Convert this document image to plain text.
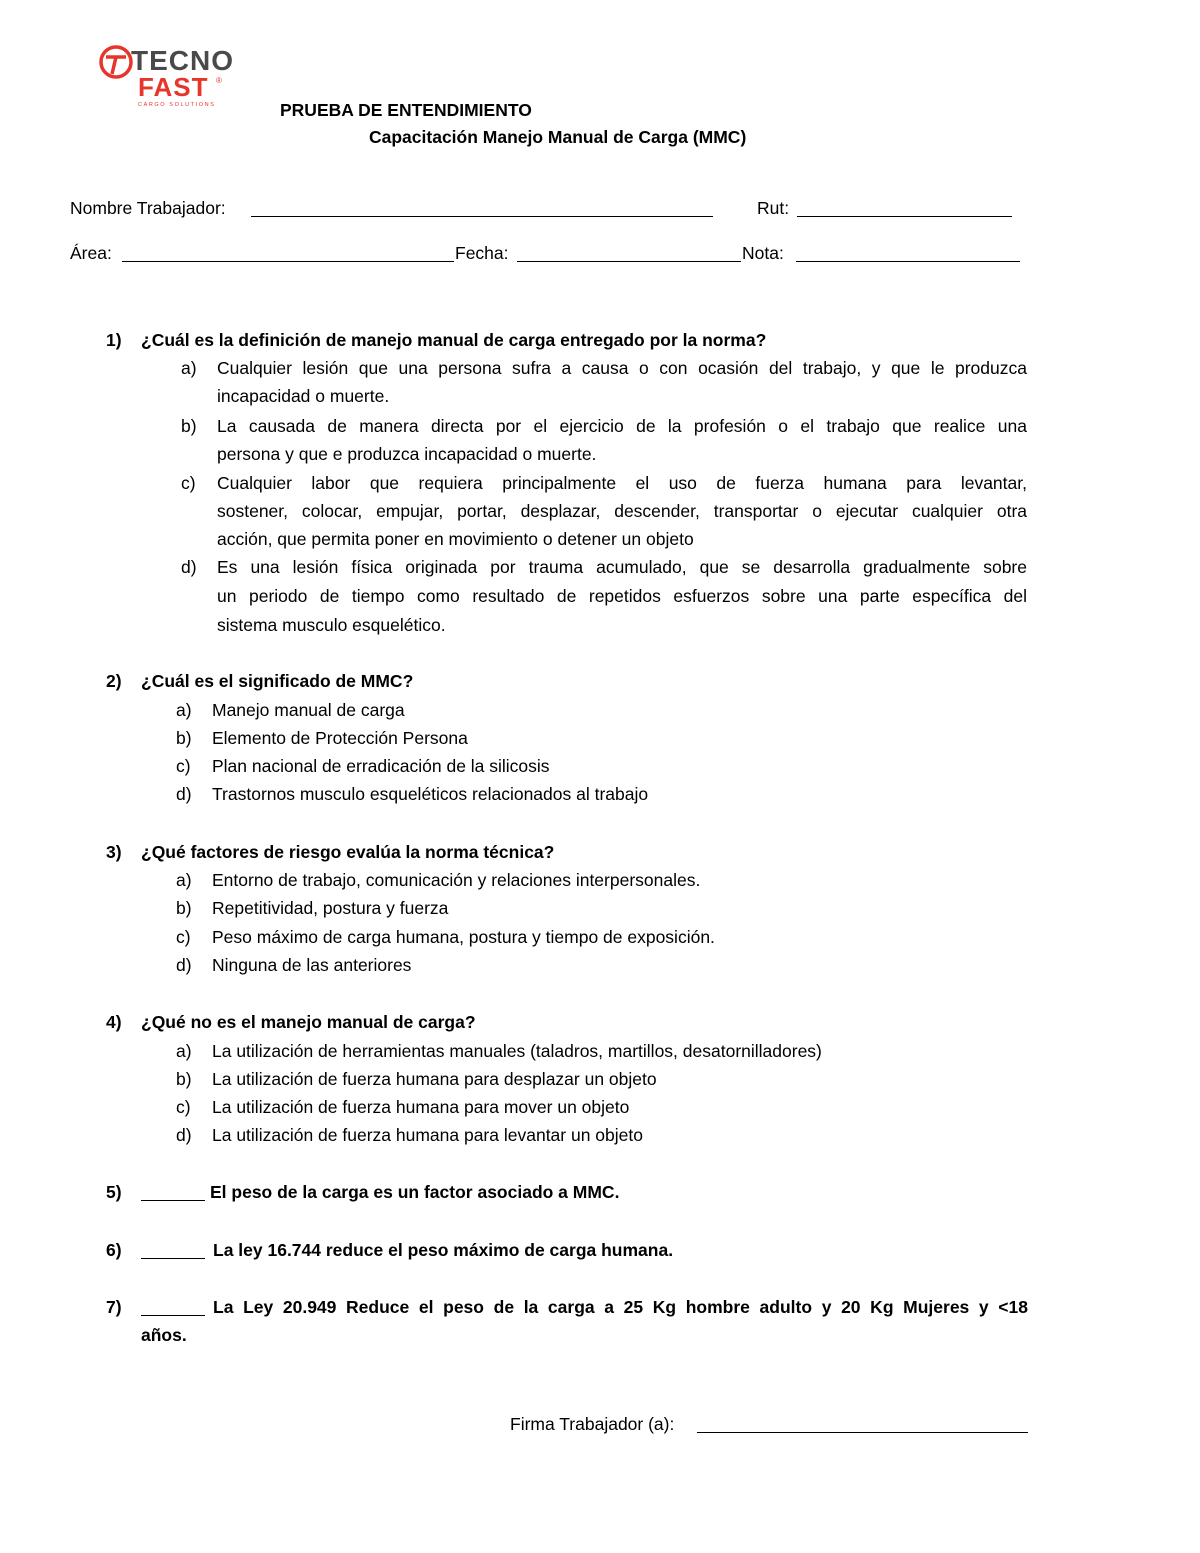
TECNO
FAST ®
CARGO SOLUTIONS	PRUEBA DE ENTENDIMIENTO
Capacitación Manejo Manual de Carga (MMC)
Nombre Trabajador:	Rut:
Área:	Fecha:	Nota:
1) ¿Cuál es la definición de manejo manual de carga entregado por la norma?
a) Cualquier lesión que una persona sufra a causa o con ocasión del trabajo, y que le produzca
incapacidad o muerte.
b) La causada de manera directa por el ejercicio de la profesión o el trabajo que realice una
persona y que e produzca incapacidad o muerte.
c) Cualquier labor que requiera principalmente el uso de fuerza humana para levantar,
sostener, colocar, empujar, portar, desplazar, descender, transportar o ejecutar cualquier otra
acción, que permita poner en movimiento o detener un objeto
d) Es una lesión física originada por trauma acumulado, que se desarrolla gradualmente sobre
un periodo de tiempo como resultado de repetidos esfuerzos sobre una parte específica del
sistema musculo esquelético.
2) ¿Cuál es el significado de MMC?
a) Manejo manual de carga
b) Elemento de Protección Persona
c) Plan nacional de erradicación de la silicosis
d) Trastornos musculo esqueléticos relacionados al trabajo
3) ¿Qué factores de riesgo evalúa la norma técnica?
a) Entorno de trabajo, comunicación y relaciones interpersonales.
b) Repetitividad, postura y fuerza
c) Peso máximo de carga humana, postura y tiempo de exposición.
d) Ninguna de las anteriores
4) ¿Qué no es el manejo manual de carga?
a) La utilización de herramientas manuales (taladros, martillos, desatornilladores)
b) La utilización de fuerza humana para desplazar un objeto
c) La utilización de fuerza humana para mover un objeto
d) La utilización de fuerza humana para levantar un objeto
5)	El peso de la carga es un factor asociado a MMC.
6)	La ley 16.744 reduce el peso máximo de carga humana.
7)	La Ley 20.949 Reduce el peso de la carga a 25 Kg hombre adulto y 20 Kg Mujeres y <18
años.
Firma Trabajador (a):
